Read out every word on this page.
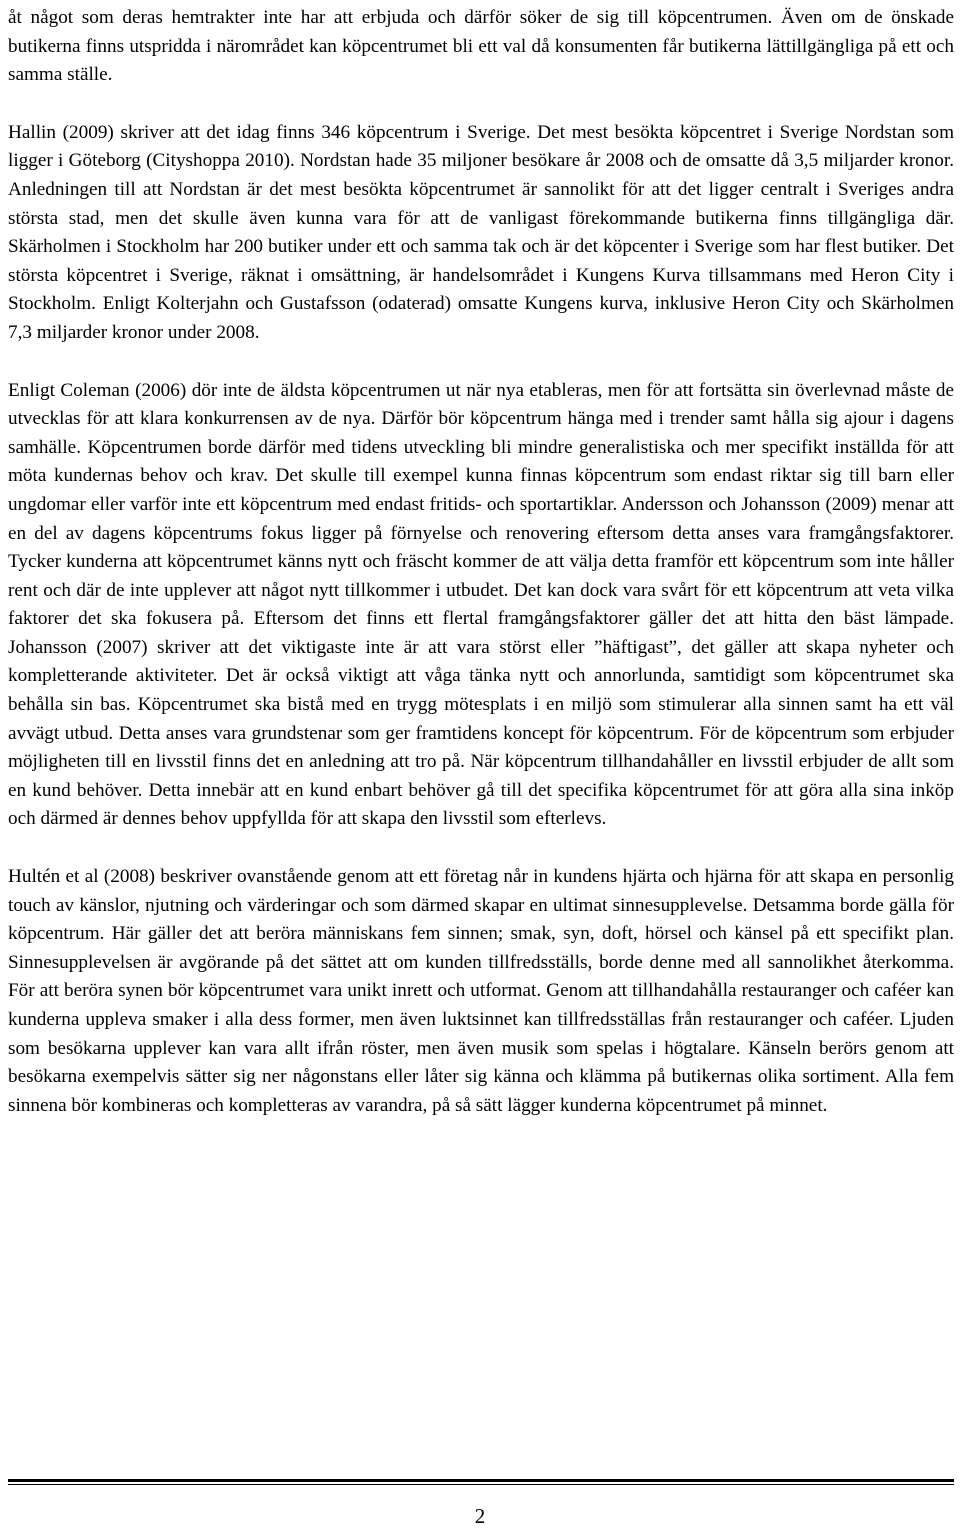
åt något som deras hemtrakter inte har att erbjuda och därför söker de sig till köpcentrumen. Även om de önskade butikerna finns utspridda i närområdet kan köpcentrumet bli ett val då konsumenten får butikerna lättillgängliga på ett och samma ställe.

Hallin (2009) skriver att det idag finns 346 köpcentrum i Sverige. Det mest besökta köpcentret i Sverige Nordstan som ligger i Göteborg (Cityshoppa 2010). Nordstan hade 35 miljoner besökare år 2008 och de omsatte då 3,5 miljarder kronor. Anledningen till att Nordstan är det mest besökta köpcentrumet är sannolikt för att det ligger centralt i Sveriges andra största stad, men det skulle även kunna vara för att de vanligast förekommande butikerna finns tillgängliga där. Skärholmen i Stockholm har 200 butiker under ett och samma tak och är det köpcenter i Sverige som har flest butiker. Det största köpcentret i Sverige, räknat i omsättning, är handelsområdet i Kungens Kurva tillsammans med Heron City i Stockholm. Enligt Kolterjahn och Gustafsson (odaterad) omsatte Kungens kurva, inklusive Heron City och Skärholmen 7,3 miljarder kronor under 2008.

Enligt Coleman (2006) dör inte de äldsta köpcentrumen ut när nya etableras, men för att fortsätta sin överlevnad måste de utvecklas för att klara konkurrensen av de nya. Därför bör köpcentrum hänga med i trender samt hålla sig ajour i dagens samhälle. Köpcentrumen borde därför med tidens utveckling bli mindre generalistiska och mer specifikt inställda för att möta kundernas behov och krav. Det skulle till exempel kunna finnas köpcentrum som endast riktar sig till barn eller ungdomar eller varför inte ett köpcentrum med endast fritids- och sportartiklar. Andersson och Johansson (2009) menar att en del av dagens köpcentrums fokus ligger på förnyelse och renovering eftersom detta anses vara framgångsfaktorer. Tycker kunderna att köpcentrumet känns nytt och fräscht kommer de att välja detta framför ett köpcentrum som inte håller rent och där de inte upplever att något nytt tillkommer i utbudet. Det kan dock vara svårt för ett köpcentrum att veta vilka faktorer det ska fokusera på. Eftersom det finns ett flertal framgångsfaktorer gäller det att hitta den bäst lämpade. Johansson (2007) skriver att det viktigaste inte är att vara störst eller ”häftigast”, det gäller att skapa nyheter och kompletterande aktiviteter. Det är också viktigt att våga tänka nytt och annorlunda, samtidigt som köpcentrumet ska behålla sin bas. Köpcentrumet ska bistå med en trygg mötesplats i en miljö som stimulerar alla sinnen samt ha ett väl avvägt utbud. Detta anses vara grundstenar som ger framtidens koncept för köpcentrum. För de köpcentrum som erbjuder möjligheten till en livsstil finns det en anledning att tro på. När köpcentrum tillhandahåller en livsstil erbjuder de allt som en kund behöver. Detta innebär att en kund enbart behöver gå till det specifika köpcentrumet för att göra alla sina inköp och därmed är dennes behov uppfyllda för att skapa den livsstil som efterlevs.

Hultén et al (2008) beskriver ovanstående genom att ett företag når in kundens hjärta och hjärna för att skapa en personlig touch av känslor, njutning och värderingar och som därmed skapar en ultimat sinnesupplevelse. Detsamma borde gälla för köpcentrum. Här gäller det att beröra människans fem sinnen; smak, syn, doft, hörsel och känsel på ett specifikt plan. Sinnesupplevelsen är avgörande på det sättet att om kunden tillfredsställs, borde denne med all sannolikhet återkomma. För att beröra synen bör köpcentrumet vara unikt inrett och utformat. Genom att tillhandahålla restauranger och caféer kan kunderna uppleva smaker i alla dess former, men även luktsinnet kan tillfredsställas från restauranger och caféer. Ljuden som besökarna upplever kan vara allt ifrån röster, men även musik som spelas i högtalare. Känseln berörs genom att besökarna exempelvis sätter sig ner någonstans eller låter sig känna och klämma på butikernas olika sortiment. Alla fem sinnena bör kombineras och kompletteras av varandra, på så sätt lägger kunderna köpcentrumet på minnet.

2
